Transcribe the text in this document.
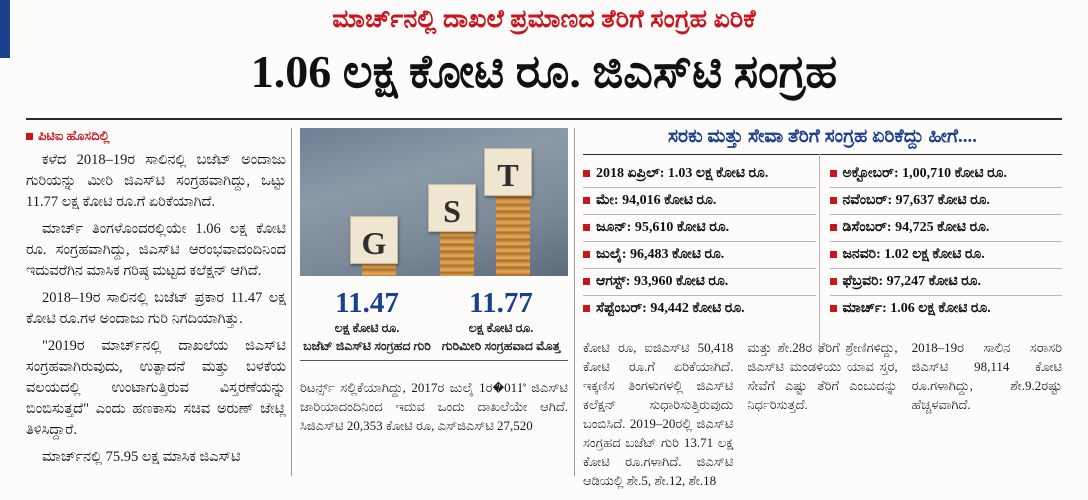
ಮಾರ್ಚ್‌ನಲ್ಲಿ ದಾಖಲೆ ಪ್ರಮಾಣದ ತೆರಿಗೆ ಸಂಗ್ರಹ ಏರಿಕೆ
1.06 ಲಕ್ಷ ಕೋಟಿ ರೂ. ಜಿಎಸ್‌ಟಿ ಸಂಗ್ರಹ
ಪಿಟಿಐ ಹೊಸದಿಲ್ಲಿ

ಕಳೆದ 2018–19ರ ಸಾಲಿನಲ್ಲಿ ಬಜೆಟ್‌ ಅಂದಾಜು ಗುರಿಯನ್ನು ಮೀರಿ ಜಿಎಸ್‌ಟಿ ಸಂಗ್ರಹವಾಗಿದ್ದು, ಒಟ್ಟು 11.77 ಲಕ್ಷ ಕೋಟಿ ರೂ.ಗೆ ಏರಿಕೆಯಾಗಿದೆ.

ಮಾರ್ಚ್‌ ತಿಂಗಳೊಂದರಲ್ಲಿಯೇ 1.06 ಲಕ್ಷ ಕೋಟಿ ರೂ. ಸಂಗ್ರಹವಾಗಿದ್ದು, ಜಿಎಸ್‌ಟಿ ಆರಂಭವಾದಂದಿನಿಂದ ಇದುವರೆಗಿನ ಮಾಸಿಕ ಗರಿಷ್ಠ ಮಟ್ಟದ ಕಲೆಕ್ಷನ್‌ ಆಗಿದೆ.

2018–19ರ ಸಾಲಿನಲ್ಲಿ ಬಜೆಟ್‌ ಪ್ರಕಾರ 11.47 ಲಕ್ಷ ಕೋಟಿ ರೂ.ಗಳ ಅಂದಾಜು ಗುರಿ ನಿಗದಿಯಾಗಿತ್ತು.

"2019ರ ಮಾರ್ಚ್‌ನಲ್ಲಿ ದಾಖಲೆಯ ಜಿಎಸ್‌ಟಿ ಸಂಗ್ರಹವಾಗಿರುವುದು, ಉತ್ಪಾದನೆ ಮತ್ತು ಬಳಕೆಯ ವಲಯದಲ್ಲಿ ಉಂಟಾಗುತ್ತಿರುವ ವಿಸ್ತರಣೆಯನ್ನು ಬಿಂಬಿಸುತ್ತದೆ" ಎಂದು ಹಣಕಾಸು ಸಚಿವ ಅರುಣ್‌ ಜೇಟ್ಲಿ ತಿಳಿಸಿದ್ದಾರೆ.

ಮಾರ್ಚ್‌ನಲ್ಲಿ 75.95 ಲಕ್ಷ ಮಾಸಿಕ ಜಿಎಸ್‌ಟಿ

G
S
T
11.47
ಲಕ್ಷ ಕೋಟಿ ರೂ.
ಬಜೆಟ್‌ ಜಿಎಸ್‌ಟಿ ಸಂಗ್ರಹದ ಗುರಿ
11.77
ಲಕ್ಷ ಕೋಟಿ ರೂ.
ಗುರಿಮೀರಿ ಸಂಗ್ರಹವಾದ ಮೊತ್ತ
ರಿಟರ್ನ್ಸ್‌ ಸಲ್ಲಿಕೆಯಾಗಿದ್ದು, 2017ರ ಜುಲೈ 1ರ�011ಿ ಜಿಎಸ್‌ಟಿ ಜಾರಿಯಾದಂದಿನಿಂದ ಇದುವ ಒಂದು ದಾಖಲೆಯೇ ಆಗಿದೆ. ಸಿಜಿಎಸ್‌ಟಿ 20,353 ಕೋಟಿ ರೂ, ಎಸ್‌ಜಿಎಸ್‌ಟಿ 27,520
ಸರಕು ಮತ್ತು ಸೇವಾ ತೆರಿಗೆ ಸಂಗ್ರಹ ಏರಿಕೆದ್ದು ಹೀಗೆ....
2018 ಏಪ್ರಿಲ್‌: 1.03 ಲಕ್ಷ ಕೋಟಿ ರೂ.
ಮೇ: 94,016 ಕೋಟಿ ರೂ.
ಜೂನ್‌: 95,610 ಕೋಟಿ ರೂ.
ಜುಲೈ: 96,483 ಕೋಟಿ ರೂ.
ಆಗಸ್ಟ್‌: 93,960 ಕೋಟಿ ರೂ.
ಸೆಪ್ಟೆಂಬರ್‌: 94,442 ಕೋಟಿ ರೂ.
ಅಕ್ಟೋಬರ್‌: 1,00,710 ಕೋಟಿ ರೂ.
ನವೆಂಬರ್‌: 97,637 ಕೋಟಿ ರೂ.
ಡಿಸೆಂಬರ್‌: 94,725 ಕೋಟಿ ರೂ.
ಜನವರಿ: 1.02 ಲಕ್ಷ ಕೋಟಿ ರೂ.
ಫೆಬ್ರವರಿ: 97,247 ಕೋಟಿ ರೂ.
ಮಾರ್ಚ್‌: 1.06 ಲಕ್ಷ ಕೋಟಿ ರೂ.

ಕೋಟಿ ರೂ, ಐಜಿಎಸ್‌ಟಿ 50,418 ಕೋಟಿ ರೂ.ಗೆ ಏರಿಕೆಯಾಗಿದೆ. ಇಕ್ಕಣಿಸ ತಿಂಗಳುಗಳಲ್ಲಿ ಜಿಎಸ್‌ಟಿ ಕಲೆಕ್ಷನ್‌ ಸುಧಾರಿಸುತ್ತಿರುವುದು ಬಂಬಿಸಿದೆ. 2019–20ರಲ್ಲಿ ಜಿಎಸ್‌ಟಿ ಸಂಗ್ರಹದ ಬಜೆಟ್‌ ಗುರಿ 13.71 ಲಕ್ಷ ಕೋಟಿ ರೂ.ಗಳಾಗಿದೆ. ಜಿಎಸ್‌ಟಿ ಆಡಿಯಲ್ಲಿ ಶೇ.5, ಶೇ.12, ಶೇ.18

ಮತ್ತು ಶೇ.28ರ ತೆರಿಗೆ ಶ್ರೇಣಿಗಳಿದ್ದು, ಜಿಎಸ್‌ಟಿ ಮಂಡಳಿಯು ಯಾವ ಸ್ತರ, ಸೇವೆಗೆ ಎಷ್ಟು ತೆರಿಗೆ ಎಂಬುದನ್ನು ನಿರ್ಧರಿಸುತ್ತದೆ.

2018–19ರ ಸಾಲಿನ ಸರಾಸರಿ ಜಿಎಸ್‌ಟಿ 98,114 ಕೋಟಿ ರೂ.ಗಳಾಗಿದ್ದು, ಶೇ.9.2ರಷ್ಟು ಹೆಚ್ಚಳವಾಗಿದೆ.
